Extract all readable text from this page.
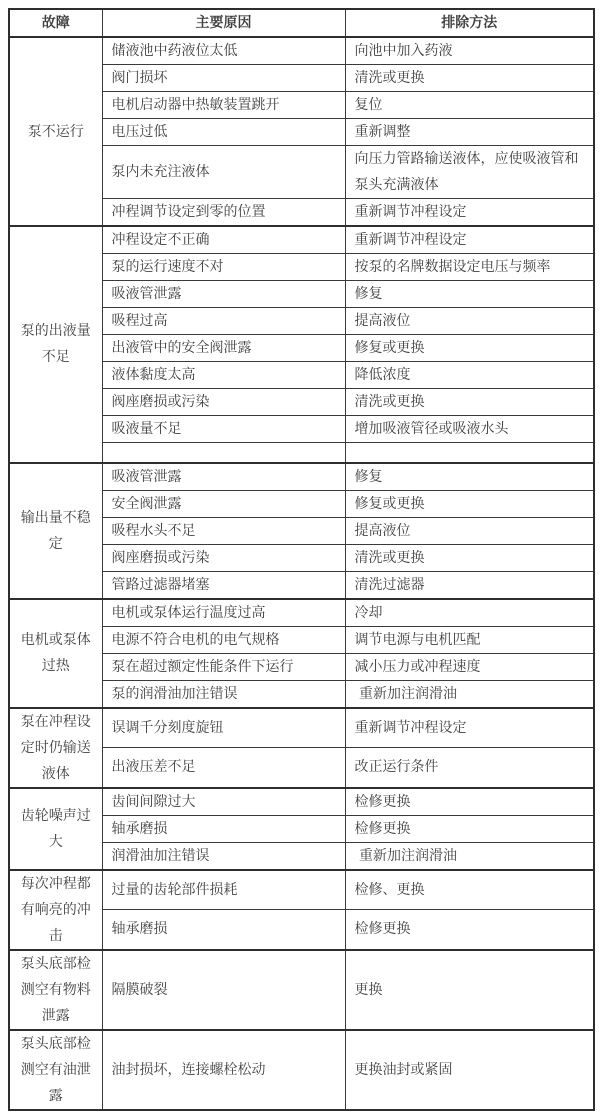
故障	主要原因	排除方法
泵不运行	储液池中药液位太低	向池中加入药液
	阀门损坏	清洗或更换
	电机启动器中热敏装置跳开	复位
	电压过低	重新调整
	泵内未充注液体	向压力管路输送液体，应使吸液管和泵头充满液体
	冲程调节设定到零的位置	重新调节冲程设定
泵的出液量不足	冲程设定不正确	重新调节冲程设定
	泵的运行速度不对	按泵的名牌数据设定电压与频率
	吸液管泄露	修复
	吸程过高	提高液位
	出液管中的安全阀泄露	修复或更换
	液体黏度太高	降低浓度
	阀座磨损或污染	清洗或更换
	吸液量不足	增加吸液管径或吸液水头

输出量不稳定	吸液管泄露	修复
	安全阀泄露	修复或更换
	吸程水头不足	提高液位
	阀座磨损或污染	清洗或更换
	管路过滤器堵塞	清洗过滤器
电机或泵体过热	电机或泵体运行温度过高	冷却
	电源不符合电机的电气规格	调节电源与电机匹配
	泵在超过额定性能条件下运行	减小压力或冲程速度
	泵的润滑油加注错误	重新加注润滑油
泵在冲程设定时仍输送液体	误调千分刻度旋钮	重新调节冲程设定
	出液压差不足	改正运行条件
齿轮噪声过大	齿间间隙过大	检修更换
	轴承磨损	检修更换
	润滑油加注错误	重新加注润滑油
每次冲程都有响亮的冲击	过量的齿轮部件损耗	检修、更换
	轴承磨损	检修更换
泵头底部检测空有物料泄露	隔膜破裂	更换
泵头底部检测空有油泄露	油封损坏，连接螺栓松动	更换油封或紧固
